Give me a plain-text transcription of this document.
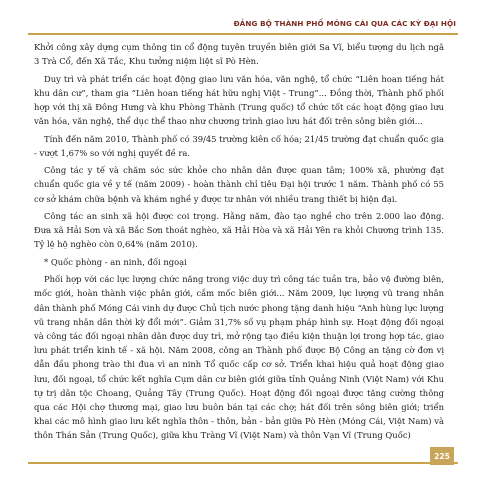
ĐẢNG BỘ THÀNH PHỐ MÓNG CÁI QUA CÁC KỲ ĐẠI HỘI

Khởi công xây dựng cụm thông tin cổ động tuyên truyền biên giới Sa Vĩ, biểu tượng du lịch ngã 3 Trà Cổ, đến Xã Tắc, Khu tưởng niệm liệt sĩ Pò Hèn.

Duy trì và phát triển các hoạt động giao lưu văn hóa, văn nghệ, tổ chức “Liên hoan tiếng hát khu dân cư”, tham gia “Liên hoan tiếng hát hữu nghị Việt - Trung”... Đồng thời, Thành phố phối hợp với thị xã Đông Hưng và khu Phòng Thành (Trung quốc) tổ chức tốt các hoạt động giao lưu văn hóa, văn nghệ, thể dục thể thao như chương trình giao lưu hát đối trên sông biên giới...

Tính đến năm 2010, Thành phố có 39/45 trường kiên cố hóa; 21/45 trường đạt chuẩn quốc gia - vượt 1,67% so với nghị quyết đề ra.

Công tác y tế và chăm sóc sức khỏe cho nhân dân được quan tâm; 100% xã, phường đạt chuẩn quốc gia về y tế (năm 2009) - hoàn thành chỉ tiêu Đại hội trước 1 năm. Thành phố có 55 cơ sở khám chữa bệnh và khám nghề y được tư nhân với nhiều trang thiết bị hiện đại.

Công tác an sinh xã hội được coi trọng. Hằng năm, đào tạo nghề cho trên 2.000 lao động. Đưa xã Hải Sơn và xã Bắc Sơn thoát nghèo, xã Hải Hòa và xã Hải Yên ra khỏi Chương trình 135. Tỷ lệ hộ nghèo còn 0,64% (năm 2010).

* Quốc phòng - an ninh, đối ngoại

Phối hợp với các lực lượng chức năng trong việc duy trì công tác tuần tra, bảo vệ đường biên, mốc giới, hoàn thành việc phân giới, cắm mốc biên giới... Năm 2009, lực lượng vũ trang nhân dân thành phố Móng Cái vinh dự được Chủ tịch nước phong tặng danh hiệu “Anh hùng lực lượng vũ trang nhân dân thời kỳ đổi mới”. Giảm 31,7% số vụ phạm pháp hình sự. Hoạt động đối ngoại và công tác đối ngoại nhân dân được duy trì, mở rộng tạo điều kiện thuận lợi trong hợp tác, giao lưu phát triển kinh tế - xã hội. Năm 2008, công an Thành phố được Bộ Công an tặng cờ đơn vị dẫn đầu phong trào thi đua vì an ninh Tổ quốc cấp cơ sở. Triển khai hiệu quả hoạt động giao lưu, đối ngoại, tổ chức kết nghĩa Cụm dân cư biên giới giữa tỉnh Quảng Ninh (Việt Nam) với Khu tự trị dân tộc Choang, Quảng Tây (Trung Quốc). Hoạt động đối ngoại được tăng cường thông qua các Hội chợ thương mại, giao lưu buôn bán tại các chợ; hát đối trên sông biên giới; triển khai các mô hình giao lưu kết nghĩa thôn - thôn, bản - bản giữa Pò Hèn (Móng Cái, Việt Nam) và thôn Thán Sản (Trung Quốc), giữa khu Tràng Vĩ (Việt Nam) và thôn Vạn Vĩ (Trung Quốc)

225
